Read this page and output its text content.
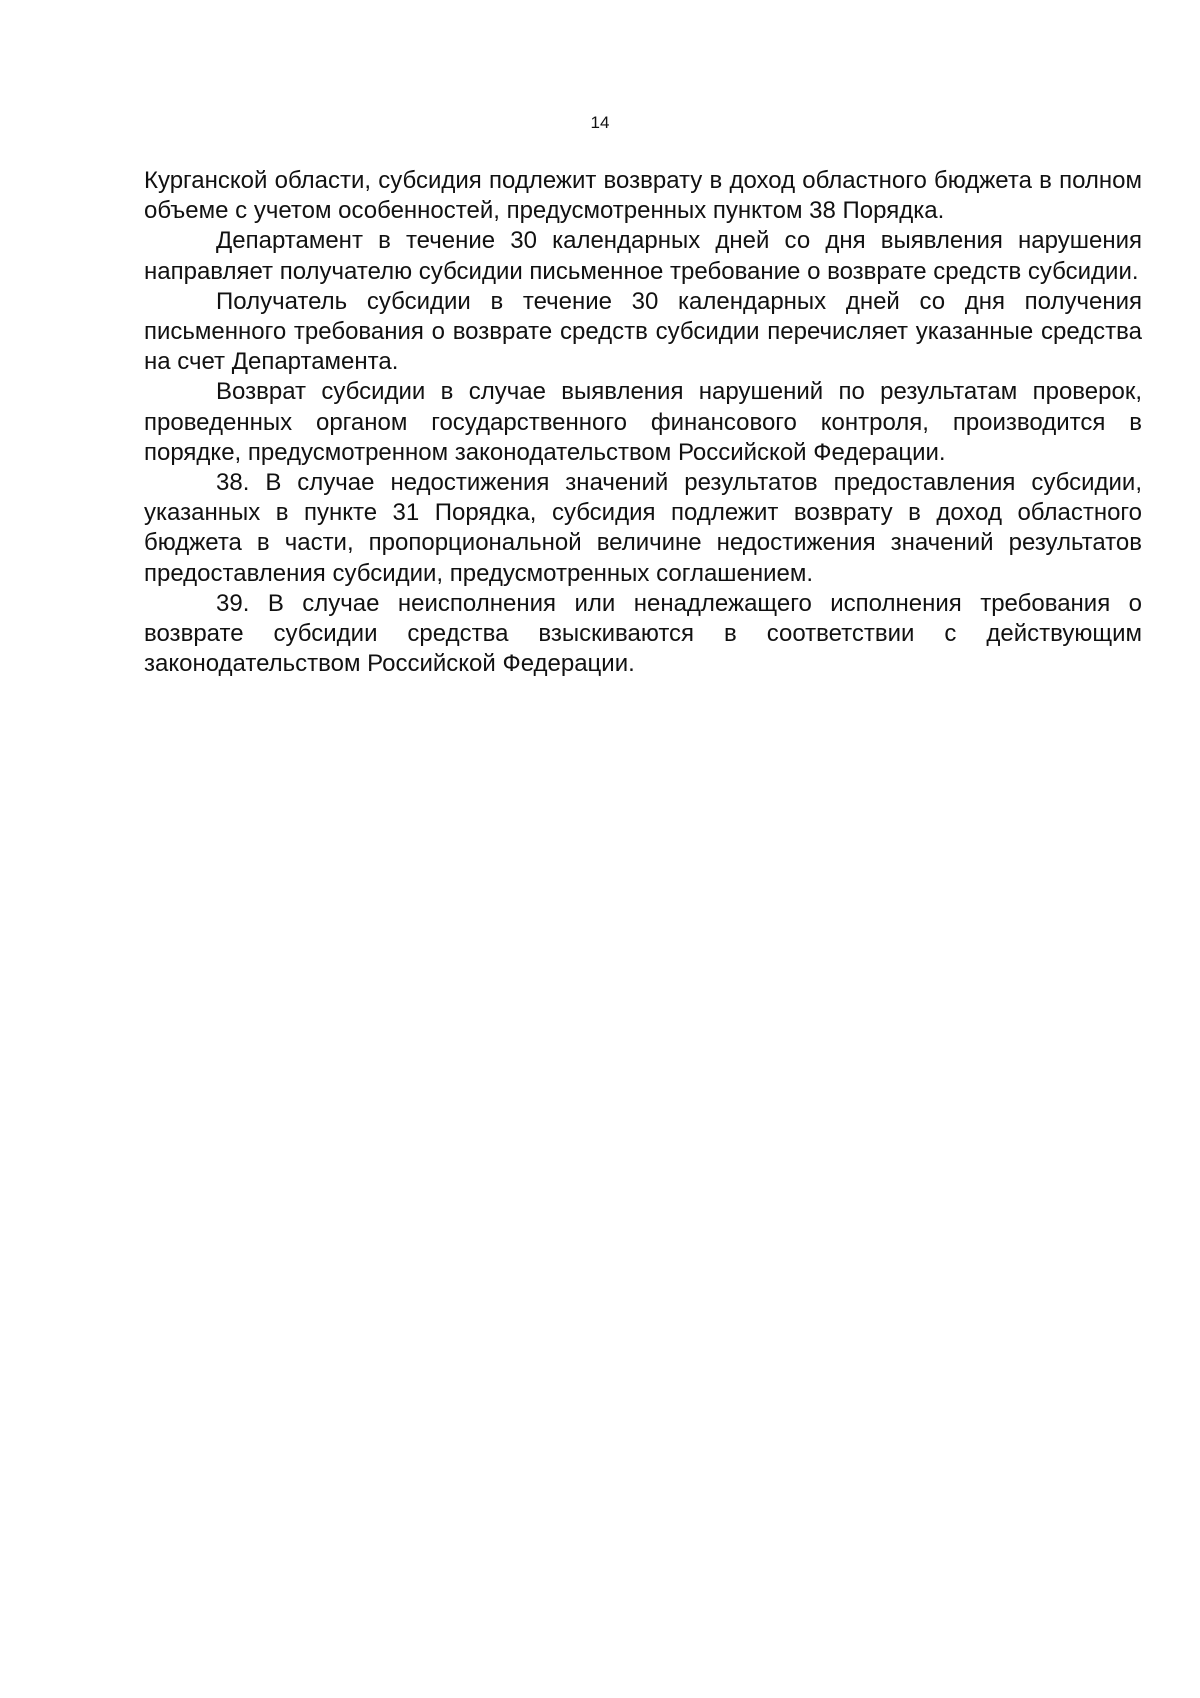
14

Курганской области, субсидия подлежит возврату в доход областного бюджета в полном объеме с учетом особенностей, предусмотренных пунктом 38 Порядка.

Департамент в течение 30 календарных дней со дня выявления нарушения направляет получателю субсидии письменное требование о возврате средств субсидии.

Получатель субсидии в течение 30 календарных дней со дня получения письменного требования о возврате средств субсидии перечисляет указанные средства на счет Департамента.

Возврат субсидии в случае выявления нарушений по результатам проверок, проведенных органом государственного финансового контроля, производится в порядке, предусмотренном законодательством Российской Федерации.

38. В случае недостижения значений результатов предоставления субсидии, указанных в пункте 31 Порядка, субсидия подлежит возврату в доход областного бюджета в части, пропорциональной величине недостижения значений результатов предоставления субсидии, предусмотренных соглашением.

39. В случае неисполнения или ненадлежащего исполнения требования о возврате субсидии средства взыскиваются в соответствии с действующим законодательством Российской Федерации.
